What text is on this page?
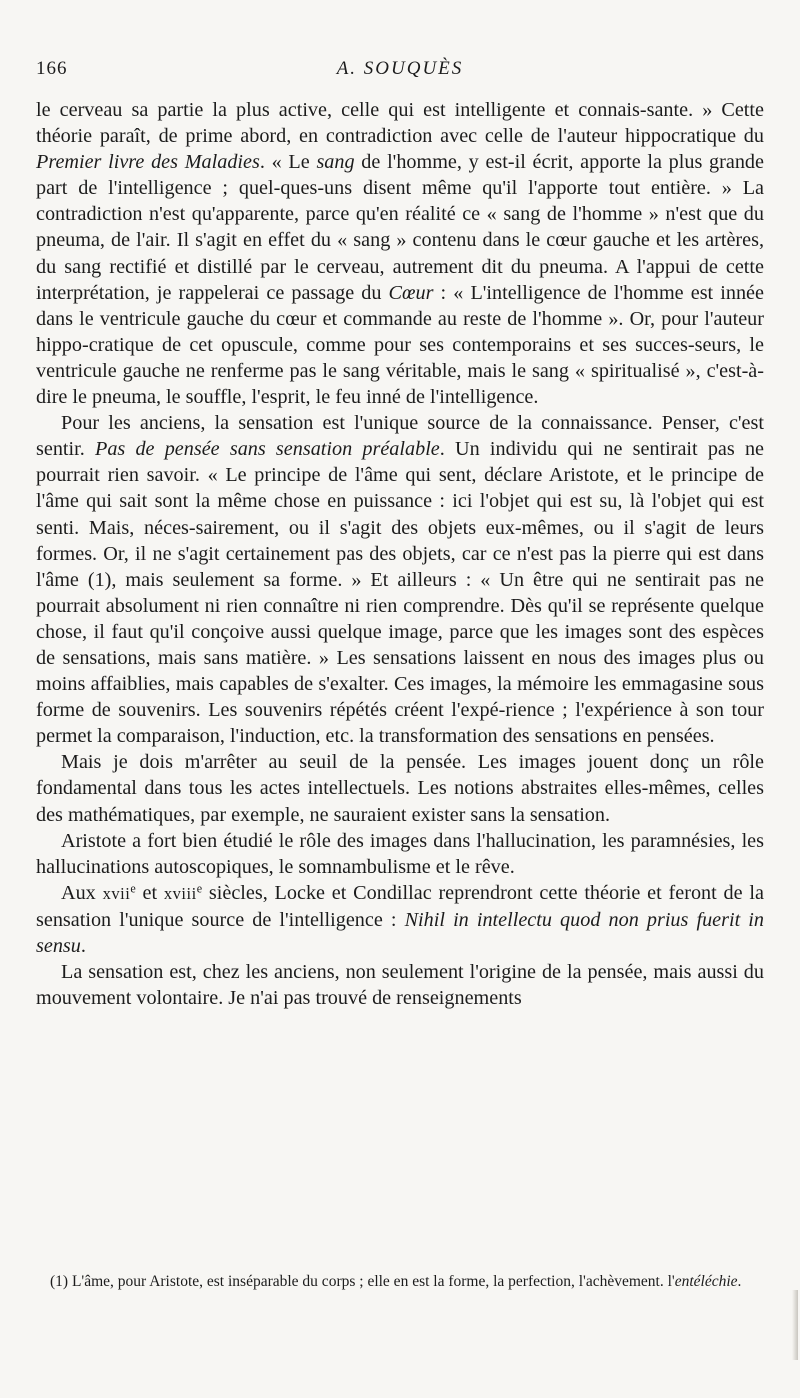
166	A. SOUQUÈS

le cerveau sa partie la plus active, celle qui est intelligente et connais-sante. » Cette théorie paraît, de prime abord, en contradiction avec celle de l'auteur hippocratique du Premier livre des Maladies. « Le sang de l'homme, y est-il écrit, apporte la plus grande part de l'intelligence ; quel-ques-uns disent même qu'il l'apporte tout entière. » La contradiction n'est qu'apparente, parce qu'en réalité ce « sang de l'homme » n'est que du pneuma, de l'air. Il s'agit en effet du « sang » contenu dans le cœur gauche et les artères, du sang rectifié et distillé par le cerveau, autrement dit du pneuma. A l'appui de cette interprétation, je rappelerai ce passage du Cœur : « L'intelligence de l'homme est innée dans le ventricule gauche du cœur et commande au reste de l'homme ». Or, pour l'auteur hippo-cratique de cet opuscule, comme pour ses contemporains et ses succes-seurs, le ventricule gauche ne renferme pas le sang véritable, mais le sang « spiritualisé », c'est-à-dire le pneuma, le souffle, l'esprit, le feu inné de l'intelligence.

Pour les anciens, la sensation est l'unique source de la connaissance. Penser, c'est sentir. Pas de pensée sans sensation préalable. Un individu qui ne sentirait pas ne pourrait rien savoir. « Le principe de l'âme qui sent, déclare Aristote, et le principe de l'âme qui sait sont la même chose en puissance : ici l'objet qui est su, là l'objet qui est senti. Mais, néces-sairement, ou il s'agit des objets eux-mêmes, ou il s'agit de leurs formes. Or, il ne s'agit certainement pas des objets, car ce n'est pas la pierre qui est dans l'âme (1), mais seulement sa forme. » Et ailleurs : « Un être qui ne sentirait pas ne pourrait absolument ni rien connaître ni rien comprendre. Dès qu'il se représente quelque chose, il faut qu'il conçoive aussi quelque image, parce que les images sont des espèces de sensations, mais sans matière. » Les sensations laissent en nous des images plus ou moins affaiblies, mais capables de s'exalter. Ces images, la mémoire les emmagasine sous forme de souvenirs. Les souvenirs répétés créent l'expé-rience ; l'expérience à son tour permet la comparaison, l'induction, etc. la transformation des sensations en pensées.

Mais je dois m'arrêter au seuil de la pensée. Les images jouent donç un rôle fondamental dans tous les actes intellectuels. Les notions abstraites elles-mêmes, celles des mathématiques, par exemple, ne sauraient exister sans la sensation.

Aristote a fort bien étudié le rôle des images dans l'hallucination, les paramnésies, les hallucinations autoscopiques, le somnambulisme et le rêve.

Aux xvii$^e$ et xviii$^e$ siècles, Locke et Condillac reprendront cette théorie et feront de la sensation l'unique source de l'intelligence : Nihil in intellectu quod non prius fuerit in sensu.

La sensation est, chez les anciens, non seulement l'origine de la pensée, mais aussi du mouvement volontaire. Je n'ai pas trouvé de renseignements

(1) L'âme, pour Aristote, est inséparable du corps ; elle en est la forme, la perfection, l'achèvement. l'entéléchie.
